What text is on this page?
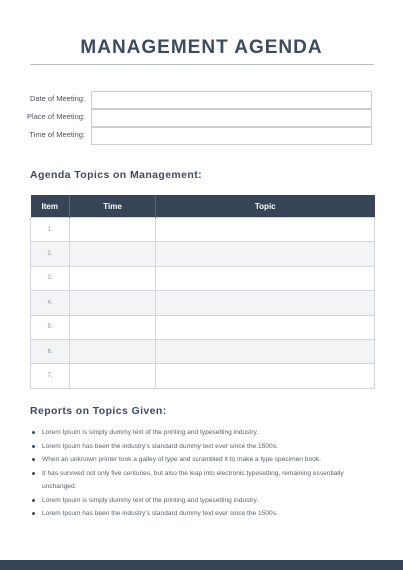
MANAGEMENT AGENDA
Date of Meeting:
Place of Meeting:
Time of Meeting:
Agenda Topics on Management:
Item	Time	Topic
1.		
2.		
3.		
4.		
5.		
6.		
7.		
Reports on Topics Given:
Lorem Ipsum is simply dummy text of the printing and typesetting industry.
Lorem Ipsum has been the industry's standard dummy text ever since the 1500s.
When an unknown printer took a galley of type and scrambled it to make a type specimen book.
It has survived not only five centuries, but also the leap into electronic typesetting, remaining essentially unchanged.
Lorem Ipsum is simply dummy text of the printing and typesetting industry.
Lorem Ipsum has been the industry's standard dummy text ever since the 1500s.
